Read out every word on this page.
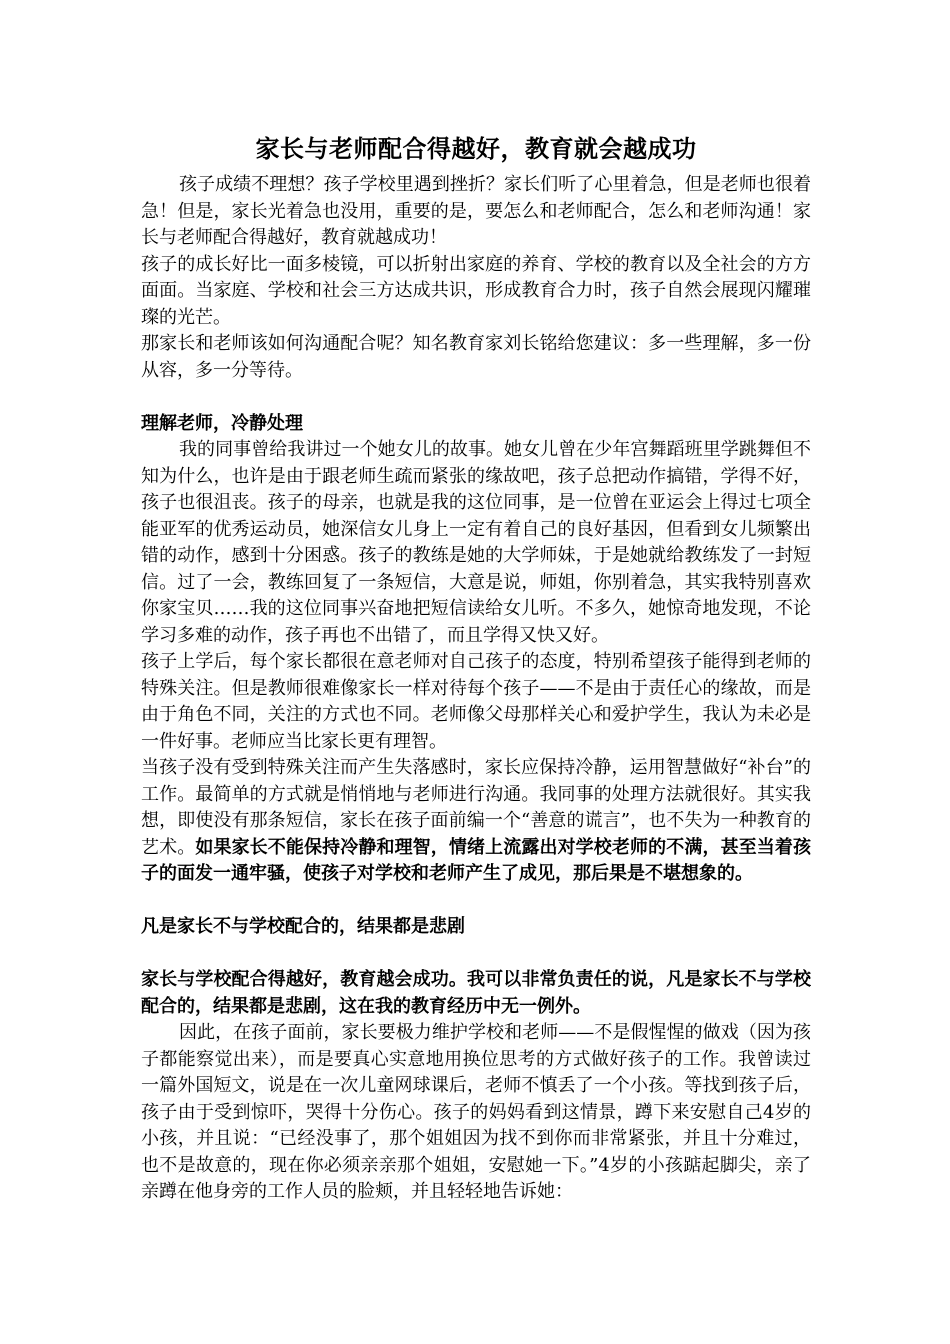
家长与老师配合得越好，教育就会越成功

孩子成绩不理想？孩子学校里遇到挫折？家长们听了心里着急，但是老师也很着急！但是，家长光着急也没用，重要的是，要怎么和老师配合，怎么和老师沟通！家长与老师配合得越好，教育就越成功！

孩子的成长好比一面多棱镜，可以折射出家庭的养育、学校的教育以及全社会的方方面面。当家庭、学校和社会三方达成共识，形成教育合力时，孩子自然会展现闪耀璀璨的光芒。

那家长和老师该如何沟通配合呢？知名教育家刘长铭给您建议：多一些理解，多一份从容，多一分等待。

理解老师，冷静处理

我的同事曾给我讲过一个她女儿的故事。她女儿曾在少年宫舞蹈班里学跳舞但不知为什么，也许是由于跟老师生疏而紧张的缘故吧，孩子总把动作搞错，学得不好，孩子也很沮丧。孩子的母亲，也就是我的这位同事，是一位曾在亚运会上得过七项全能亚军的优秀运动员，她深信女儿身上一定有着自己的良好基因，但看到女儿频繁出错的动作，感到十分困惑。孩子的教练是她的大学师妹，于是她就给教练发了一封短信。过了一会，教练回复了一条短信，大意是说，师姐，你别着急，其实我特别喜欢你家宝贝……我的这位同事兴奋地把短信读给女儿听。不多久，她惊奇地发现，不论学习多难的动作，孩子再也不出错了，而且学得又快又好。

孩子上学后，每个家长都很在意老师对自己孩子的态度，特别希望孩子能得到老师的特殊关注。但是教师很难像家长一样对待每个孩子——不是由于责任心的缘故，而是由于角色不同，关注的方式也不同。老师像父母那样关心和爱护学生，我认为未必是一件好事。老师应当比家长更有理智。

当孩子没有受到特殊关注而产生失落感时，家长应保持冷静，运用智慧做好“补台”的工作。最简单的方式就是悄悄地与老师进行沟通。我同事的处理方法就很好。其实我想，即使没有那条短信，家长在孩子面前编一个“善意的谎言”，也不失为一种教育的艺术。如果家长不能保持冷静和理智，情绪上流露出对学校老师的不满，甚至当着孩子的面发一通牢骚，使孩子对学校和老师产生了成见，那后果是不堪想象的。

凡是家长不与学校配合的，结果都是悲剧

家长与学校配合得越好，教育越会成功。我可以非常负责任的说，凡是家长不与学校配合的，结果都是悲剧，这在我的教育经历中无一例外。

因此，在孩子面前，家长要极力维护学校和老师——不是假惺惺的做戏（因为孩子都能察觉出来），而是要真心实意地用换位思考的方式做好孩子的工作。我曾读过一篇外国短文，说是在一次儿童网球课后，老师不慎丢了一个小孩。等找到孩子后，孩子由于受到惊吓，哭得十分伤心。孩子的妈妈看到这情景，蹲下来安慰自己4岁的小孩，并且说：“已经没事了，那个姐姐因为找不到你而非常紧张，并且十分难过，也不是故意的，现在你必须亲亲那个姐姐，安慰她一下。”4岁的小孩踮起脚尖，亲了亲蹲在他身旁的工作人员的脸颊，并且轻轻地告诉她：
